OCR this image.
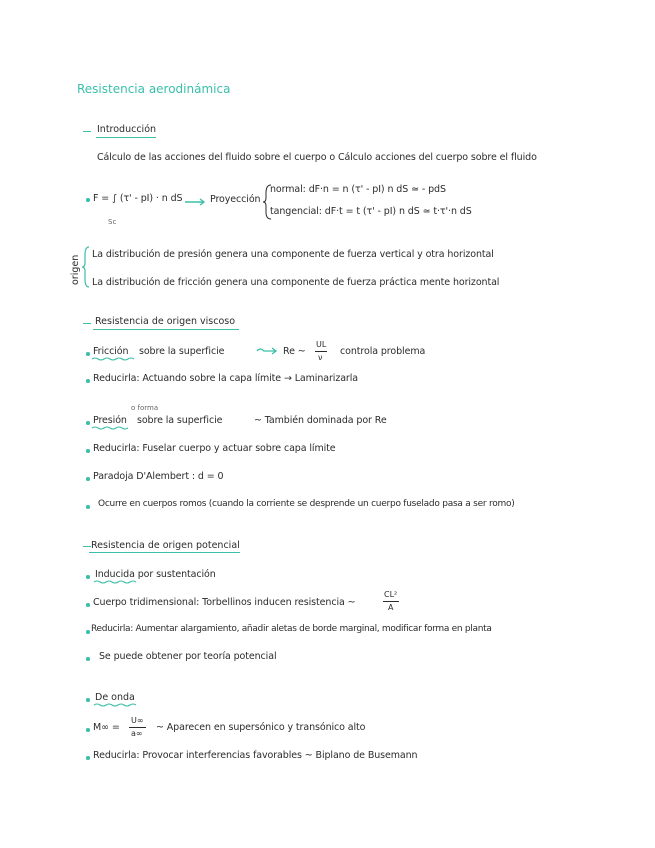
Resistencia aerodinámica
Introducción
Cálculo de las acciones del fluido sobre el cuerpo o Cálculo acciones del cuerpo sobre el fluido
F = ∫ (τ' - pI) · n dS
Sc
Proyección
normal: dF·n = n (τ' - pI) n dS ≃ - pdS
tangencial: dF·t = t (τ' - pI) n dS ≃ t·τ'·n dS
origen
La distribución de presión genera una componente de fuerza vertical y otra horizontal
La distribución de fricción genera una componente de fuerza práctica mente horizontal
Resistencia de origen viscoso
Fricción sobre la superficie	Re ~
UL
ν
controla problema
Reducirla: Actuando sobre la capa límite → Laminarizarla
o forma
Presión sobre la superficie	~ También dominada por Re
Reducirla: Fuselar cuerpo y actuar sobre capa límite
Paradoja D'Alembert : d = 0
Ocurre en cuerpos romos (cuando la corriente se desprende un cuerpo fuselado pasa a ser romo)
Resistencia de origen potencial
Inducida por sustentación
Cuerpo tridimensional: Torbellinos inducen resistencia ~
CL²
A
Reducirla: Aumentar alargamiento, añadir aletas de borde marginal, modificar forma en planta
Se puede obtener por teoría potencial
De onda
M∞ =
U∞
a∞
~ Aparecen en supersónico y transónico alto
Reducirla: Provocar interferencias favorables ~ Biplano de Busemann
